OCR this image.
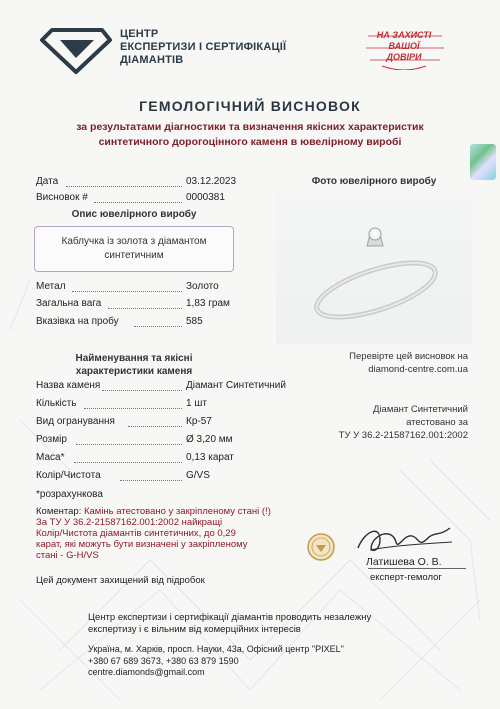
ЦЕНТР
ЕКСПЕРТИЗИ І СЕРТИФІКАЦІЇ
ДІАМАНТІВ
НА ЗАХИСТІ
ВАШОЇ
ДОВІРИ
ГЕМОЛОГІЧНИЙ ВИСНОВОК
за результатами діагностики та визначення якісних характеристик
синтетичного дорогоцінного каменя в ювелірному виробі
Дата	03.12.2023
Висновок #	0000381
Опис ювелірного виробу
Каблучка із золота з діамантом
синтетичним
Фото ювелірного виробу
Метал	Золото
Загальна вага	1,83 грам
Вказівка на пробу	585
Найменування та якісні
характеристики каменя
Перевірте цей висновок на
diamond-centre.com.ua
Назва каменя	Діамант Синтетичний
Кількість	1 шт
Вид огранування	Кр-57
Розмір	Ø 3,20 мм
Маса*	0,13 карат
Колір/Чистота	G/VS
Діамант Синтетичний
атестовано за
ТУ У 36.2-21587162.001:2002
*розрахункова
Коментар: Камінь атестовано у закріпленому стані (!)
За ТУ У 36.2-21587162.001:2002 найкращі
Колір/Чистота діамантів синтетичних, до 0,29
карат, які можуть бути визначені у закріпленому
стані - G-H/VS
Латишева О. В.
експерт-гемолог
Цей документ захищений від підробок
Центр експертизи і сертифікації діамантів проводить незалежну
експертизу і є вільним від комерційних інтересів
Україна, м. Харків, просп. Науки, 43а, Офісний центр "PIXEL"
+380 67 689 3673, +380 63 879 1590
centre.diamonds@gmail.com
